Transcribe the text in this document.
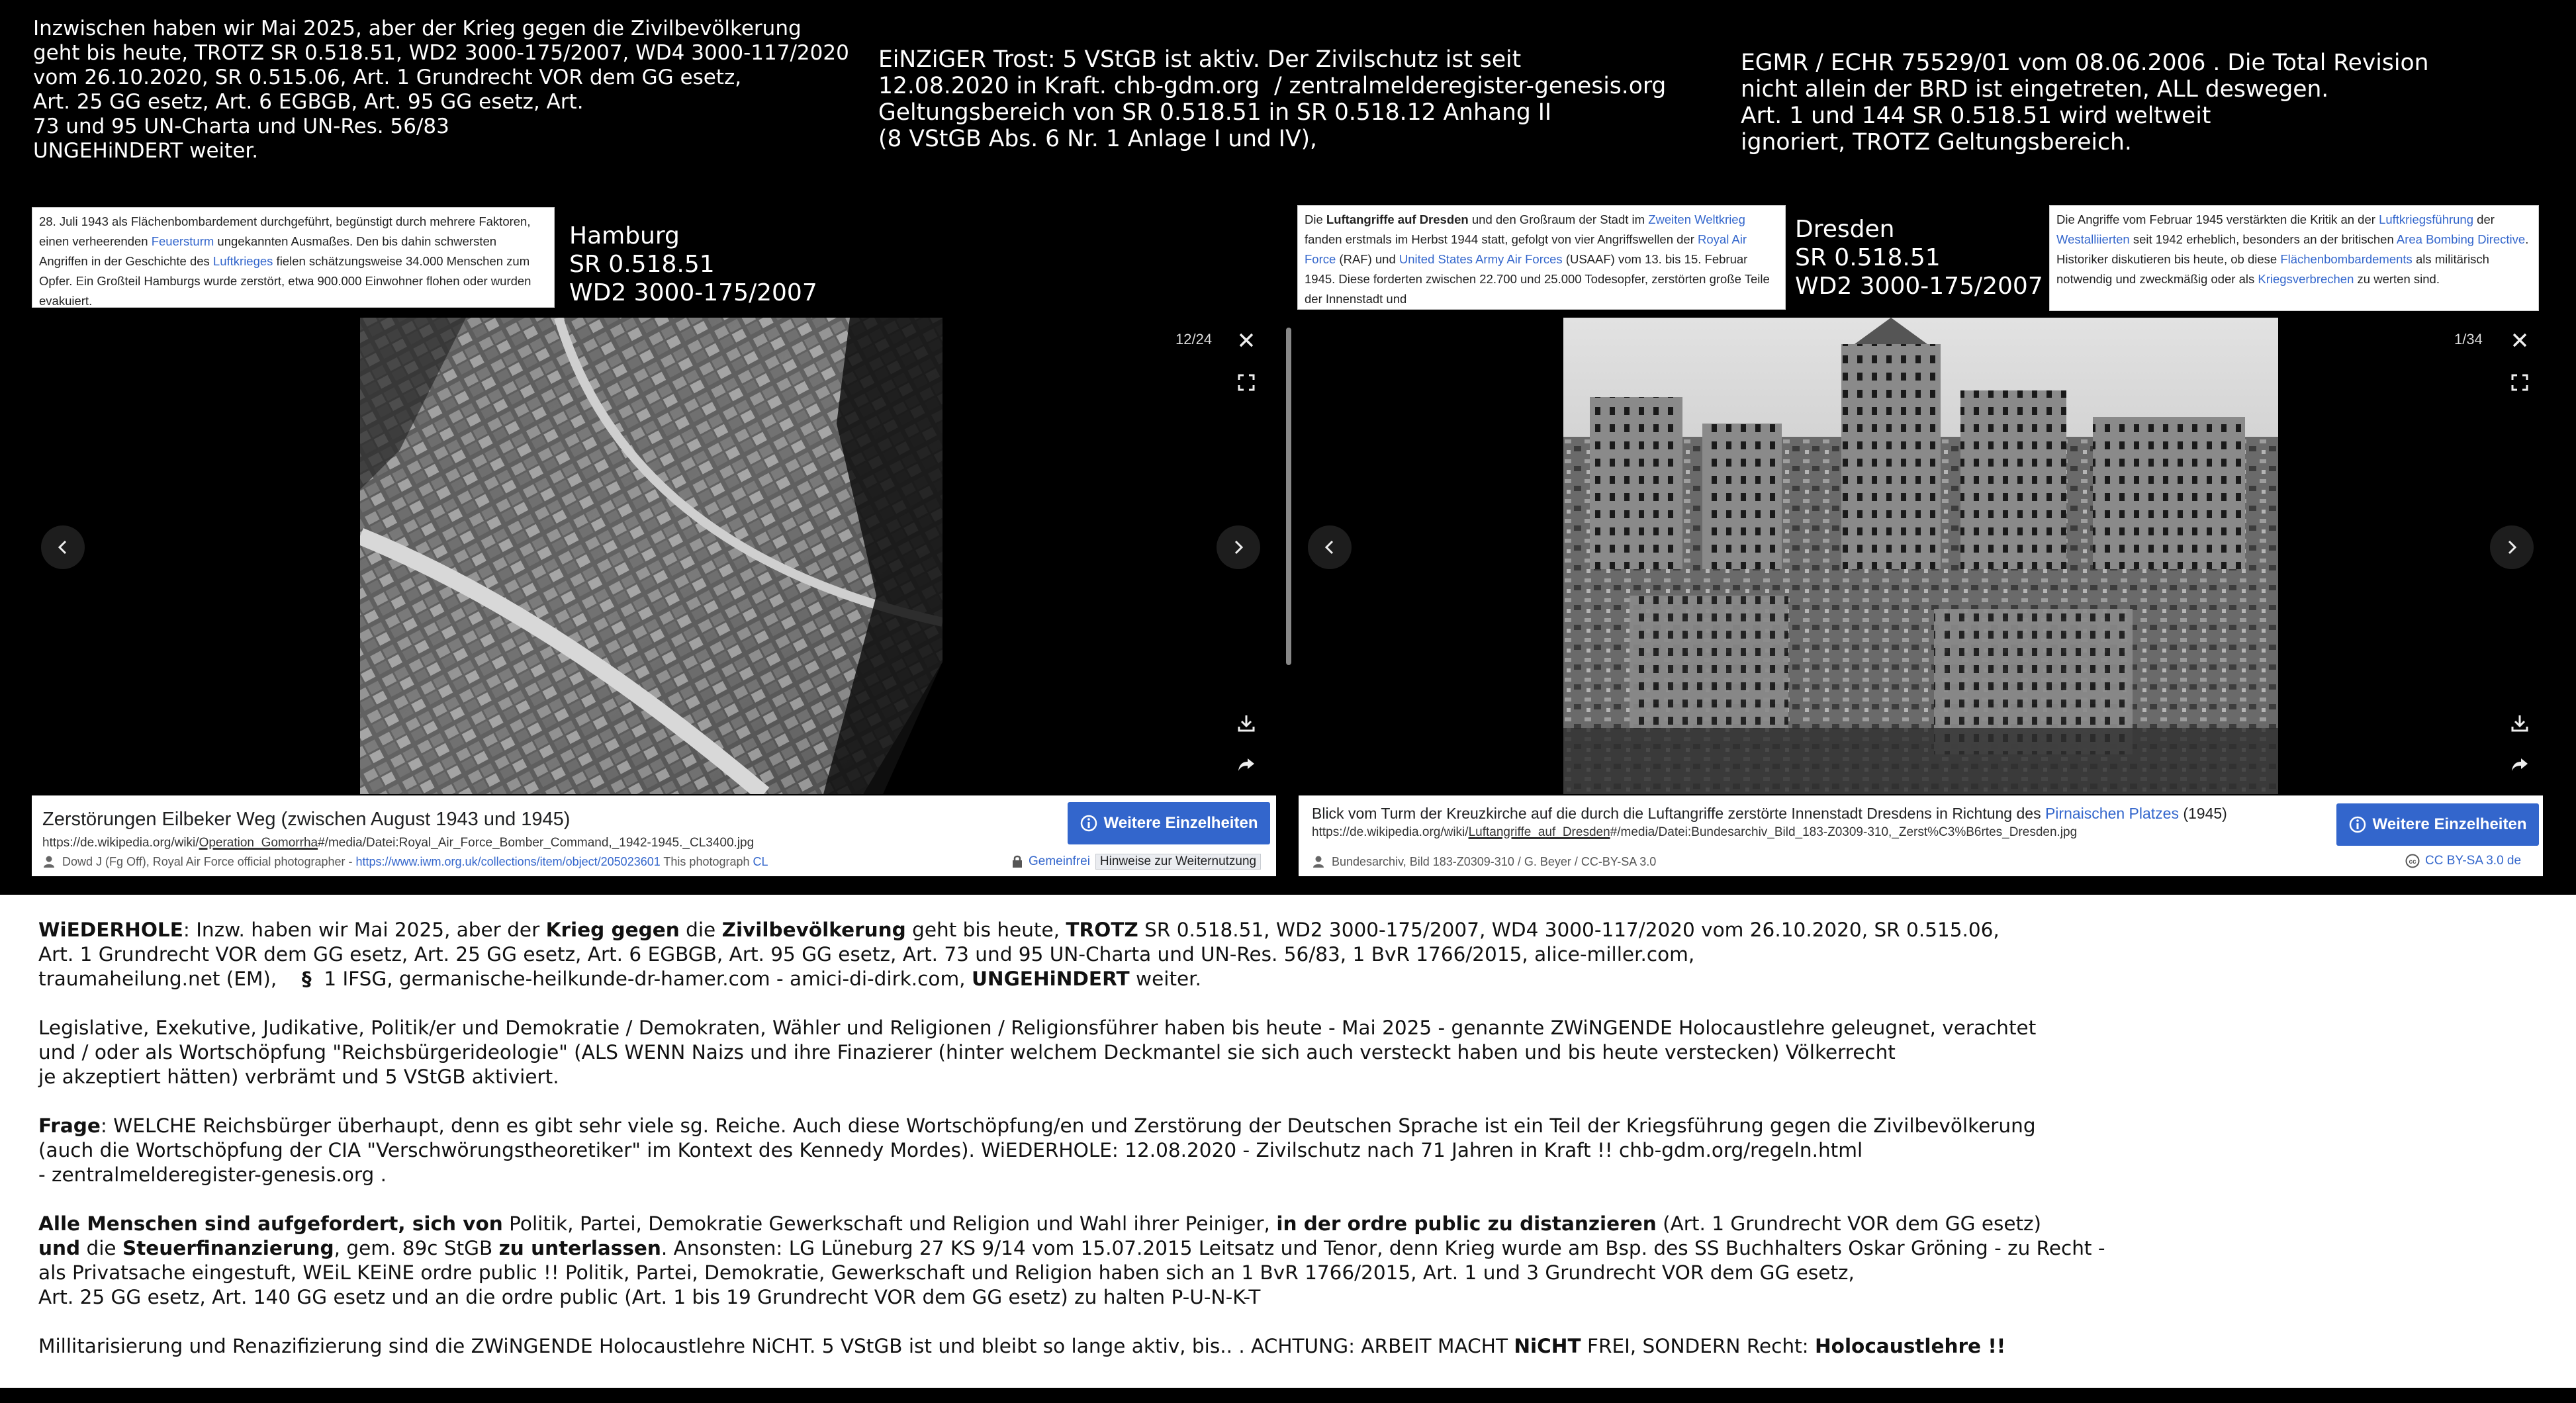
Inzwischen haben wir Mai 2025, aber der Krieg gegen die Zivilbevölkerung
geht bis heute, TROTZ SR 0.518.51, WD2 3000-175/2007, WD4 3000-117/2020
vom 26.10.2020, SR 0.515.06, Art. 1 Grundrecht VOR dem GG esetz,
Art. 25 GG esetz, Art. 6 EGBGB, Art. 95 GG esetz, Art.
73 und 95 UN-Charta und UN-Res. 56/83
UNGEHiNDERT weiter.
EiNZiGER Trost: 5 VStGB ist aktiv. Der Zivilschutz ist seit
12.08.2020 in Kraft. chb-gdm.org  / zentralmelderegister-genesis.org
Geltungsbereich von SR 0.518.51 in SR 0.518.12 Anhang II
(8 VStGB Abs. 6 Nr. 1 Anlage I und IV),
EGMR / ECHR 75529/01 vom 08.06.2006 . Die Total Revision
nicht allein der BRD ist eingetreten, ALL deswegen.
Art. 1 und 144 SR 0.518.51 wird weltweit
ignoriert, TROTZ Geltungsbereich.
28. Juli 1943 als Flächenbombardement durchgeführt, begünstigt durch mehrere Faktoren, einen verheerenden Feuersturm ungekannten Ausmaßes. Den bis dahin schwersten Angriffen in der Geschichte des Luftkrieges fielen schätzungsweise 34.000 Menschen zum Opfer. Ein Großteil Hamburgs wurde zerstört, etwa 900.000 Einwohner flohen oder wurden evakuiert.
Hamburg
SR 0.518.51
WD2 3000-175/2007
12/24
Zerstörungen Eilbeker Weg (zwischen August 1943 und 1945)
https://de.wikipedia.org/wiki/Operation_Gomorrha#/media/Datei:Royal_Air_Force_Bomber_Command,_1942-1945._CL3400.jpg
Dowd J (Fg Off), Royal Air Force official photographer - https://www.iwm.org.uk/collections/item/object/205023601 This photograph CL
Weitere Einzelheiten
Gemeinfrei Hinweise zur Weiternutzung
Die Luftangriffe auf Dresden und den Großraum der Stadt im Zweiten Weltkrieg fanden erstmals im Herbst 1944 statt, gefolgt von vier Angriffswellen der Royal Air Force (RAF) und United States Army Air Forces (USAAF) vom 13. bis 15. Februar 1945. Diese forderten zwischen 22.700 und 25.000 Todesopfer, zerstörten große Teile der Innenstadt und
Dresden
SR 0.518.51
WD2 3000-175/2007
Die Angriffe vom Februar 1945 verstärkten die Kritik an der Luftkriegsführung der Westalliierten seit 1942 erheblich, besonders an der britischen Area Bombing Directive. Historiker diskutieren bis heute, ob diese Flächenbombardements als militärisch notwendig und zweckmäßig oder als Kriegsverbrechen zu werten sind.
1/34
Blick vom Turm der Kreuzkirche auf die durch die Luftangriffe zerstörte Innenstadt Dresdens in Richtung des Pirnaischen Platzes (1945)
https://de.wikipedia.org/wiki/Luftangriffe_auf_Dresden#/media/Datei:Bundesarchiv_Bild_183-Z0309-310,_Zerst%C3%B6rtes_Dresden.jpg
Bundesarchiv, Bild 183-Z0309-310 / G. Beyer / CC-BY-SA 3.0
Weitere Einzelheiten
cc CC BY-SA 3.0 de

WiEDERHOLE: Inzw. haben wir Mai 2025, aber der Krieg gegen die Zivilbevölkerung geht bis heute, TROTZ SR 0.518.51, WD2 3000-175/2007, WD4 3000-117/2020 vom 26.10.2020, SR 0.515.06,
Art. 1 Grundrecht VOR dem GG esetz, Art. 25 GG esetz, Art. 6 EGBGB, Art. 95 GG esetz, Art. 73 und 95 UN-Charta und UN-Res. 56/83, 1 BvR 1766/2015, alice-miller.com,
traumaheilung.net (EM),    §  1 IFSG, germanische-heilkunde-dr-hamer.com - amici-di-dirk.com, UNGEHiNDERT weiter.

Legislative, Exekutive, Judikative, Politik/er und Demokratie / Demokraten, Wähler und Religionen / Religionsführer haben bis heute - Mai 2025 - genannte ZWiNGENDE Holocaustlehre geleugnet, verachtet
und / oder als Wortschöpfung "Reichsbürgerideologie" (ALS WENN Naizs und ihre Finazierer (hinter welchem Deckmantel sie sich auch versteckt haben und bis heute verstecken) Völkerrecht
je akzeptiert hätten) verbrämt und 5 VStGB aktiviert.

Frage: WELCHE Reichsbürger überhaupt, denn es gibt sehr viele sg. Reiche. Auch diese Wortschöpfung/en und Zerstörung der Deutschen Sprache ist ein Teil der Kriegsführung gegen die Zivilbevölkerung
(auch die Wortschöpfung der CIA "Verschwörungstheoretiker" im Kontext des Kennedy Mordes). WiEDERHOLE: 12.08.2020 - Zivilschutz nach 71 Jahren in Kraft !! chb-gdm.org/regeln.html
- zentralmelderegister-genesis.org .

Alle Menschen sind aufgefordert, sich von Politik, Partei, Demokratie Gewerkschaft und Religion und Wahl ihrer Peiniger, in der ordre public zu distanzieren (Art. 1 Grundrecht VOR dem GG esetz)
und die Steuerfinanzierung, gem. 89c StGB zu unterlassen. Ansonsten: LG Lüneburg 27 KS 9/14 vom 15.07.2015 Leitsatz und Tenor, denn Krieg wurde am Bsp. des SS Buchhalters Oskar Gröning - zu Recht -
als Privatsache eingestuft, WEiL KEiNE ordre public !! Politik, Partei, Demokratie, Gewerkschaft und Religion haben sich an 1 BvR 1766/2015, Art. 1 und 3 Grundrecht VOR dem GG esetz,
Art. 25 GG esetz, Art. 140 GG esetz und an die ordre public (Art. 1 bis 19 Grundrecht VOR dem GG esetz) zu halten P-U-N-K-T

Millitarisierung und Renazifizierung sind die ZWiNGENDE Holocaustlehre NiCHT. 5 VStGB ist und bleibt so lange aktiv, bis.. . ACHTUNG: ARBEIT MACHT NiCHT FREI, SONDERN Recht: Holocaustlehre !!
